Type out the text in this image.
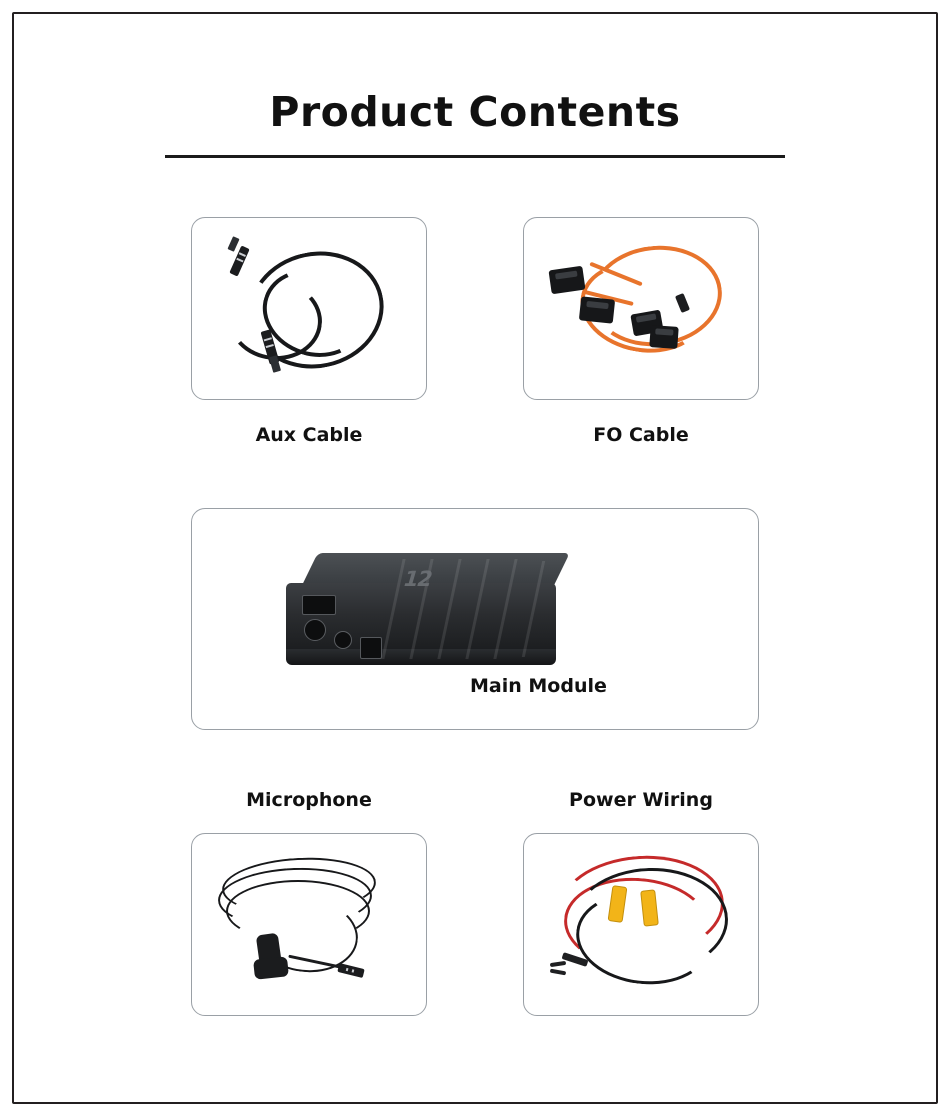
Product Contents
Aux Cable	FO Cable
12
Main Module
Microphone	Power Wiring
